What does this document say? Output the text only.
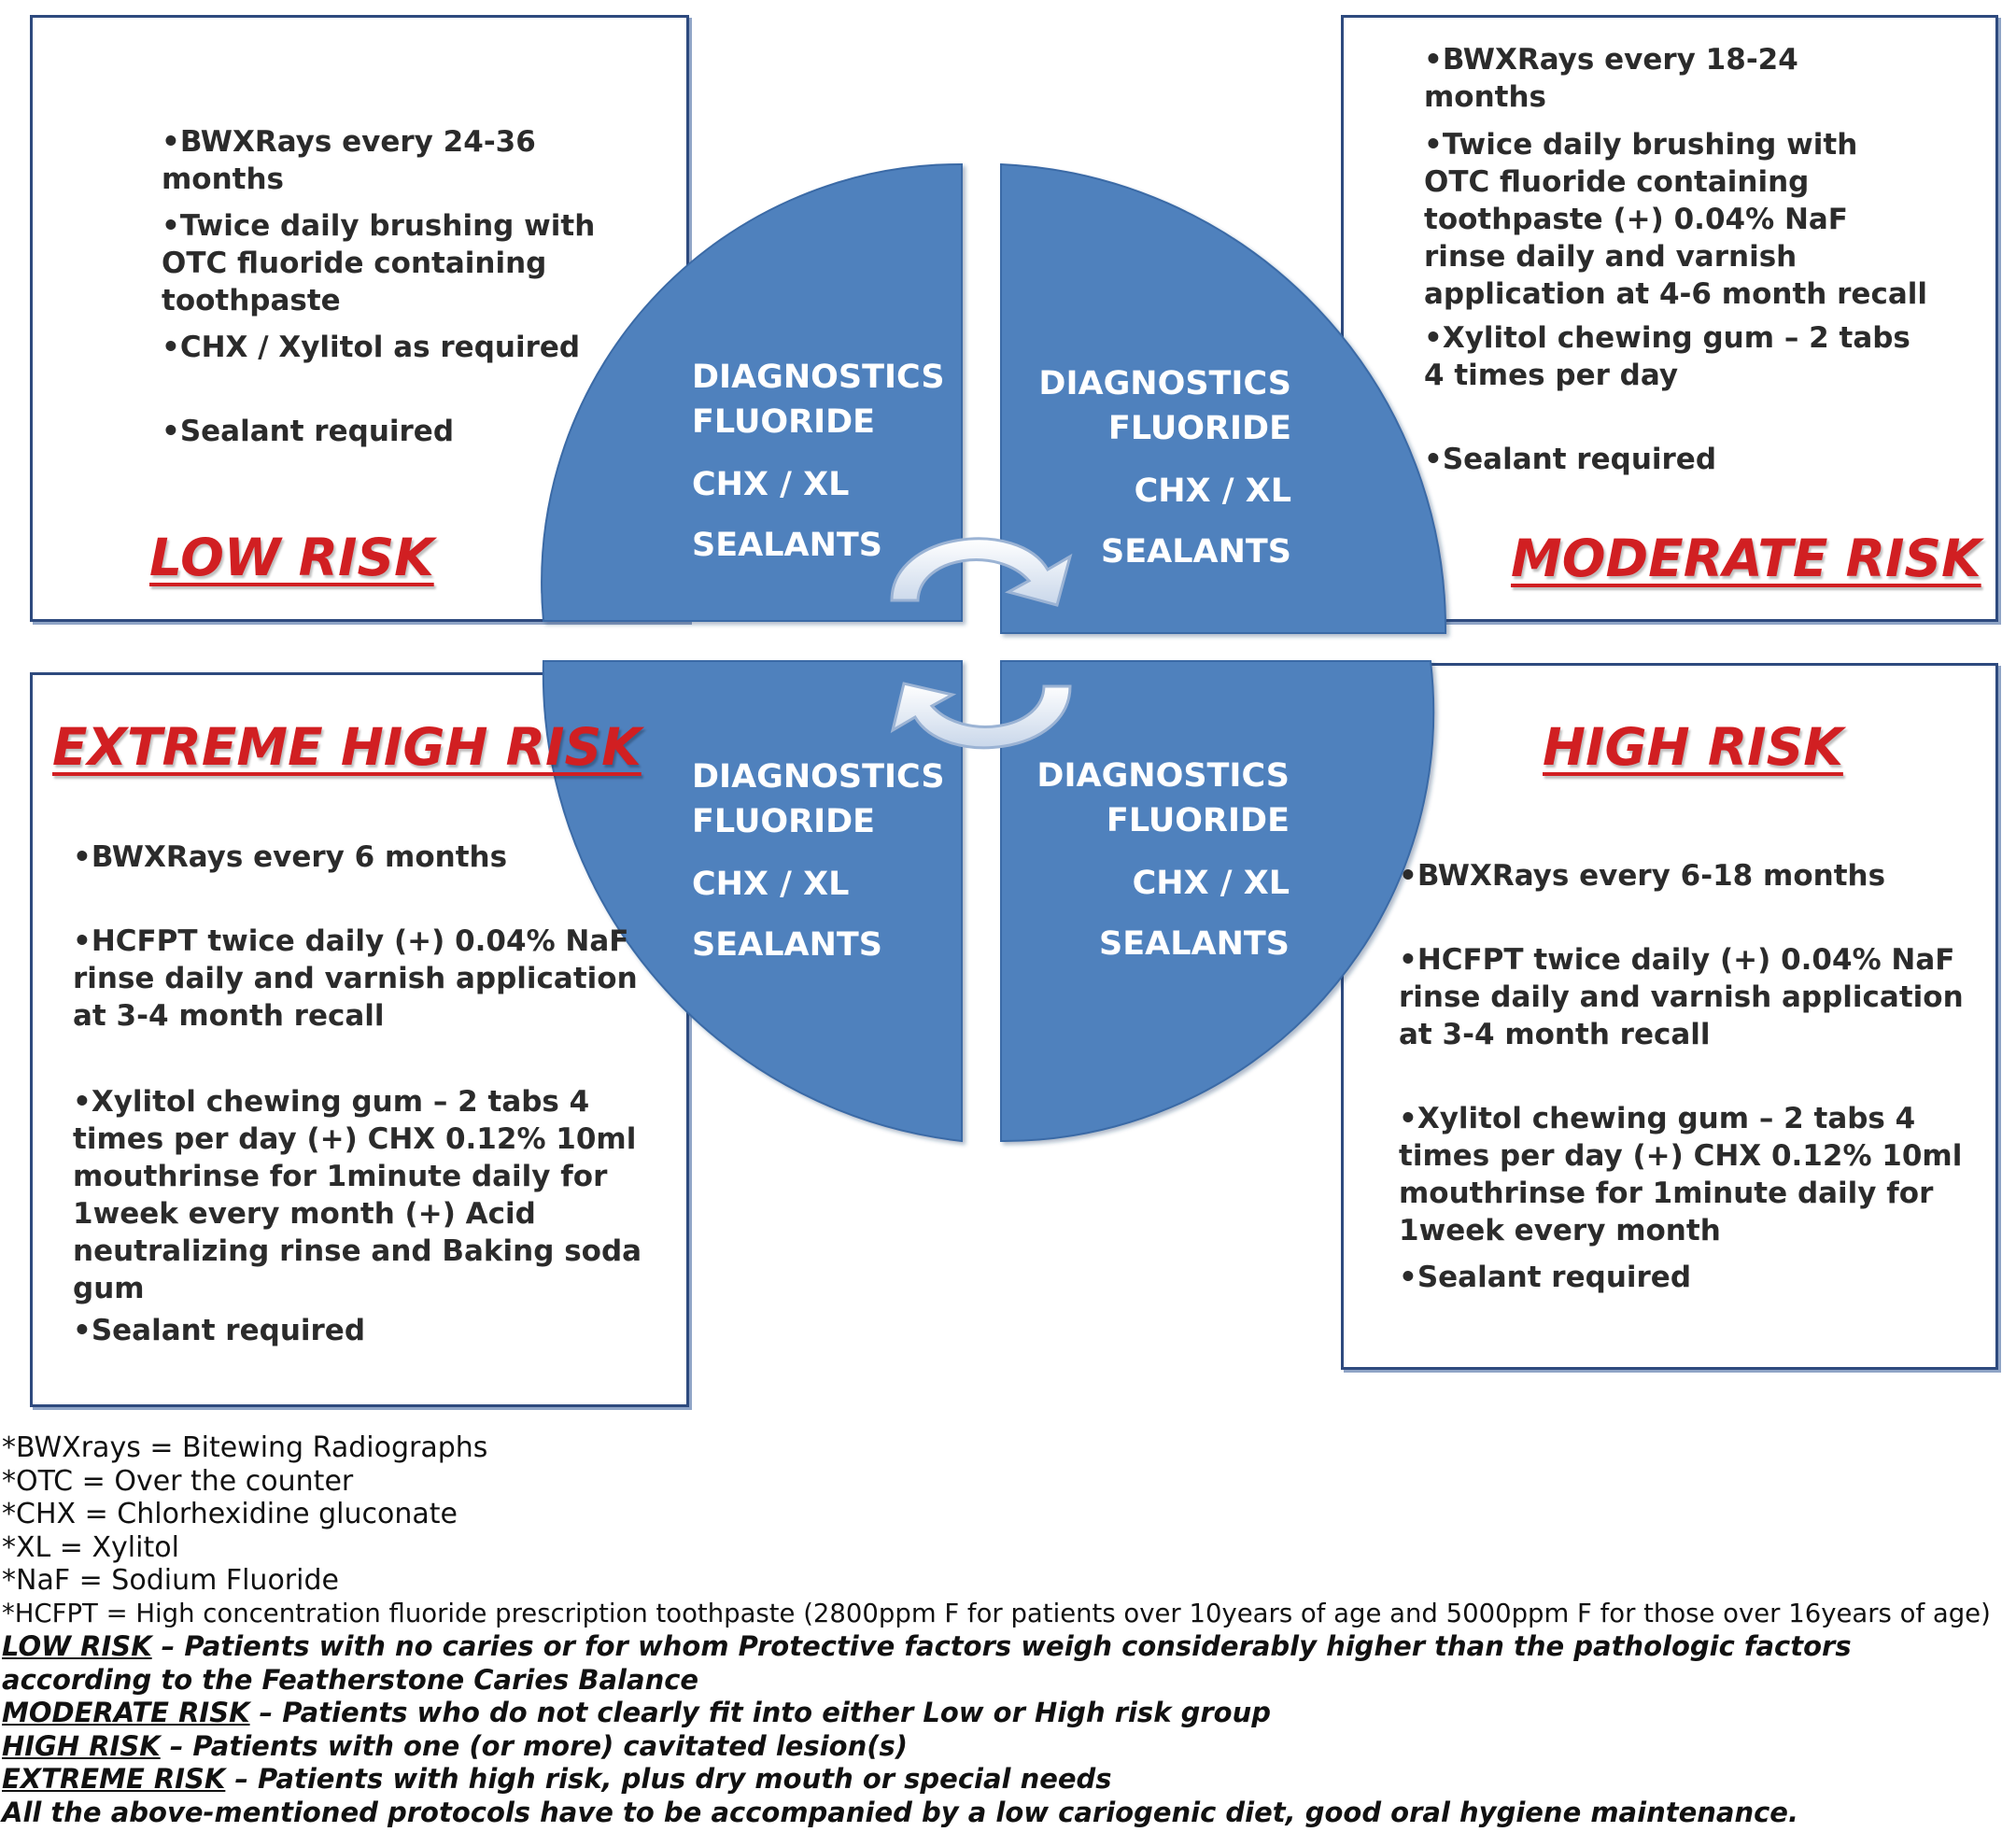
DIAGNOSTICS
FLUORIDE
CHX / XL
SEALANTS
DIAGNOSTICS
FLUORIDE
CHX / XL
SEALANTS
DIAGNOSTICS
FLUORIDE
CHX / XL
SEALANTS
DIAGNOSTICS
FLUORIDE
CHX / XL
SEALANTS

•BWXRays every 24-36 months

•Twice daily brushing with OTC fluoride containing toothpaste

•CHX / Xylitol as required

•Sealant required

LOW RISK

•BWXRays every 18-24 months

•Twice daily brushing with OTC fluoride containing toothpaste (+) 0.04% NaF rinse daily and varnish application at 4-6 month recall

•Xylitol chewing gum – 2 tabs 4 times per day

•Sealant required

MODERATE RISK
EXTREME HIGH RISK

•BWXRays every 6 months

•HCFPT twice daily (+) 0.04% NaF rinse daily and varnish application at 3-4 month recall

•Xylitol chewing gum – 2 tabs 4 times per day (+) CHX 0.12% 10ml mouthrinse for 1minute daily for 1week every month (+) Acid neutralizing rinse and Baking soda gum

•Sealant required

HIGH RISK

•BWXRays every 6-18 months

•HCFPT twice daily (+) 0.04% NaF rinse daily and varnish application at 3-4 month recall

•Xylitol chewing gum – 2 tabs 4 times per day (+) CHX 0.12% 10ml mouthrinse for 1minute daily for 1week every month

•Sealant required

*BWXrays = Bitewing Radiographs

*OTC = Over the counter

*CHX = Chlorhexidine gluconate

*XL = Xylitol

*NaF = Sodium Fluoride

*HCFPT = High concentration fluoride prescription toothpaste (2800ppm F for patients over 10years of age and 5000ppm F for those over 16years of age)

LOW RISK – Patients with no caries or for whom Protective factors weigh considerably higher than the pathologic factors according to the Featherstone Caries Balance

MODERATE RISK – Patients who do not clearly fit into either Low or High risk group

HIGH RISK – Patients with one (or more) cavitated lesion(s)

EXTREME RISK – Patients with high risk, plus dry mouth or special needs

All the above-mentioned protocols have to be accompanied by a low cariogenic diet, good oral hygiene maintenance.
